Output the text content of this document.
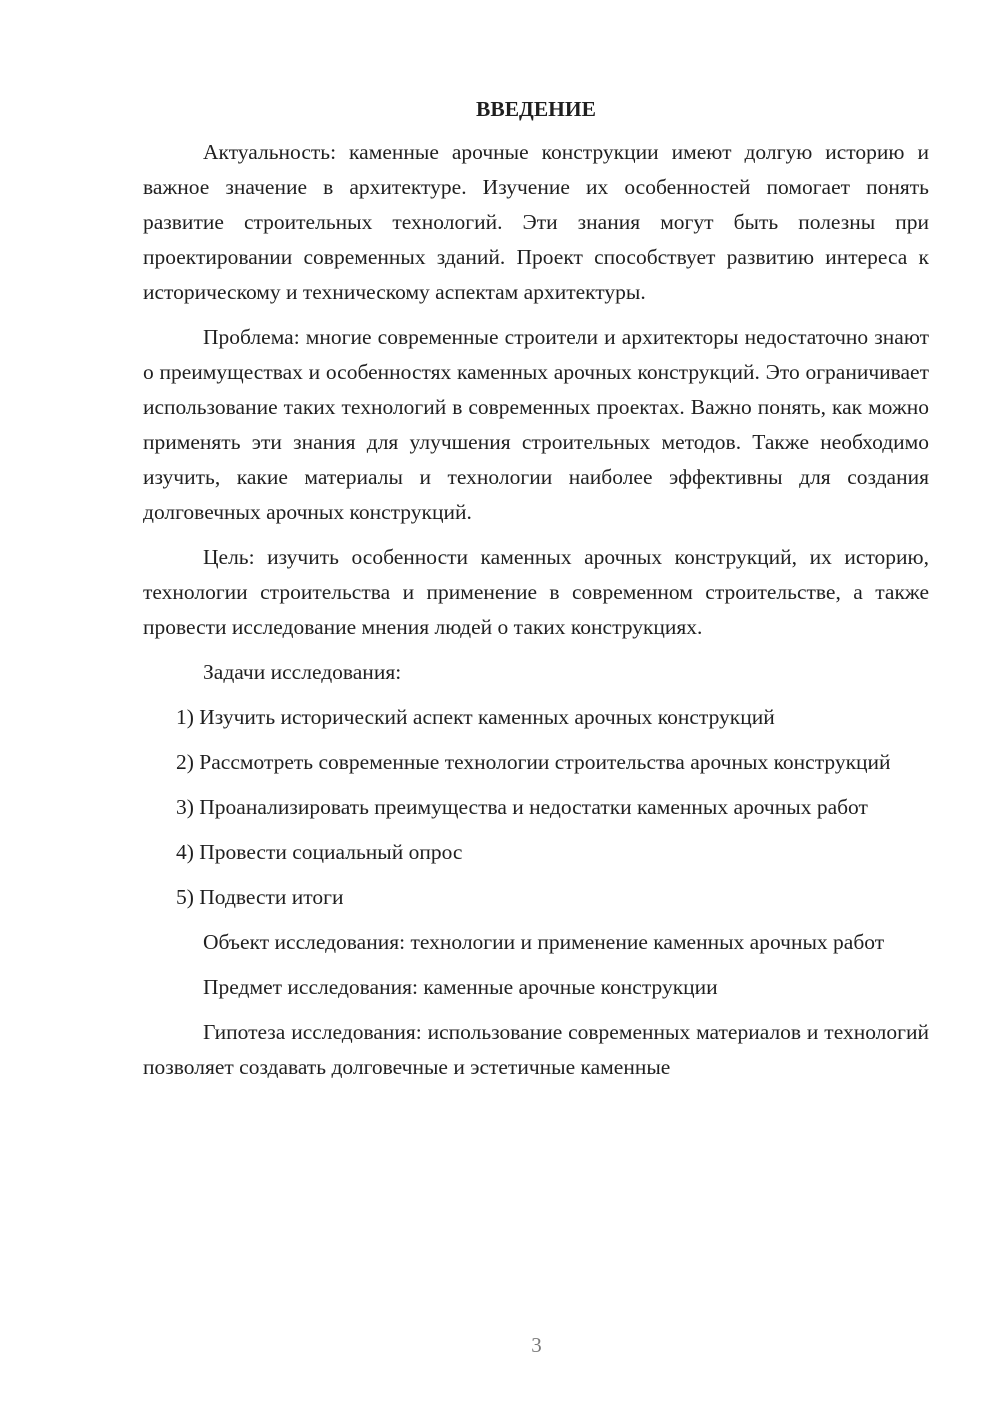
ВВЕДЕНИЕ

Актуальность: каменные арочные конструкции имеют долгую историю и важное значение в архитектуре. Изучение их особенностей помогает понять развитие строительных технологий. Эти знания могут быть полезны при проектировании современных зданий. Проект способствует развитию интереса к историческому и техническому аспектам архитектуры.

Проблема: многие современные строители и архитекторы недостаточно знают о преимуществах и особенностях каменных арочных конструкций. Это ограничивает использование таких технологий в современных проектах. Важно понять, как можно применять эти знания для улучшения строительных методов. Также необходимо изучить, какие материалы и технологии наиболее эффективны для создания долговечных арочных конструкций.

Цель: изучить особенности каменных арочных конструкций, их историю, технологии строительства и применение в современном строительстве, а также провести исследование мнения людей о таких конструкциях.

Задачи исследования:

1) Изучить исторический аспект каменных арочных конструкций

2) Рассмотреть современные технологии строительства арочных конструкций

3) Проанализировать преимущества и недостатки каменных арочных работ

4) Провести социальный опрос

5) Подвести итоги

Объект исследования: технологии и применение каменных арочных работ

Предмет исследования: каменные арочные конструкции

Гипотеза исследования: использование современных материалов и технологий позволяет создавать долговечные и эстетичные каменные

3
